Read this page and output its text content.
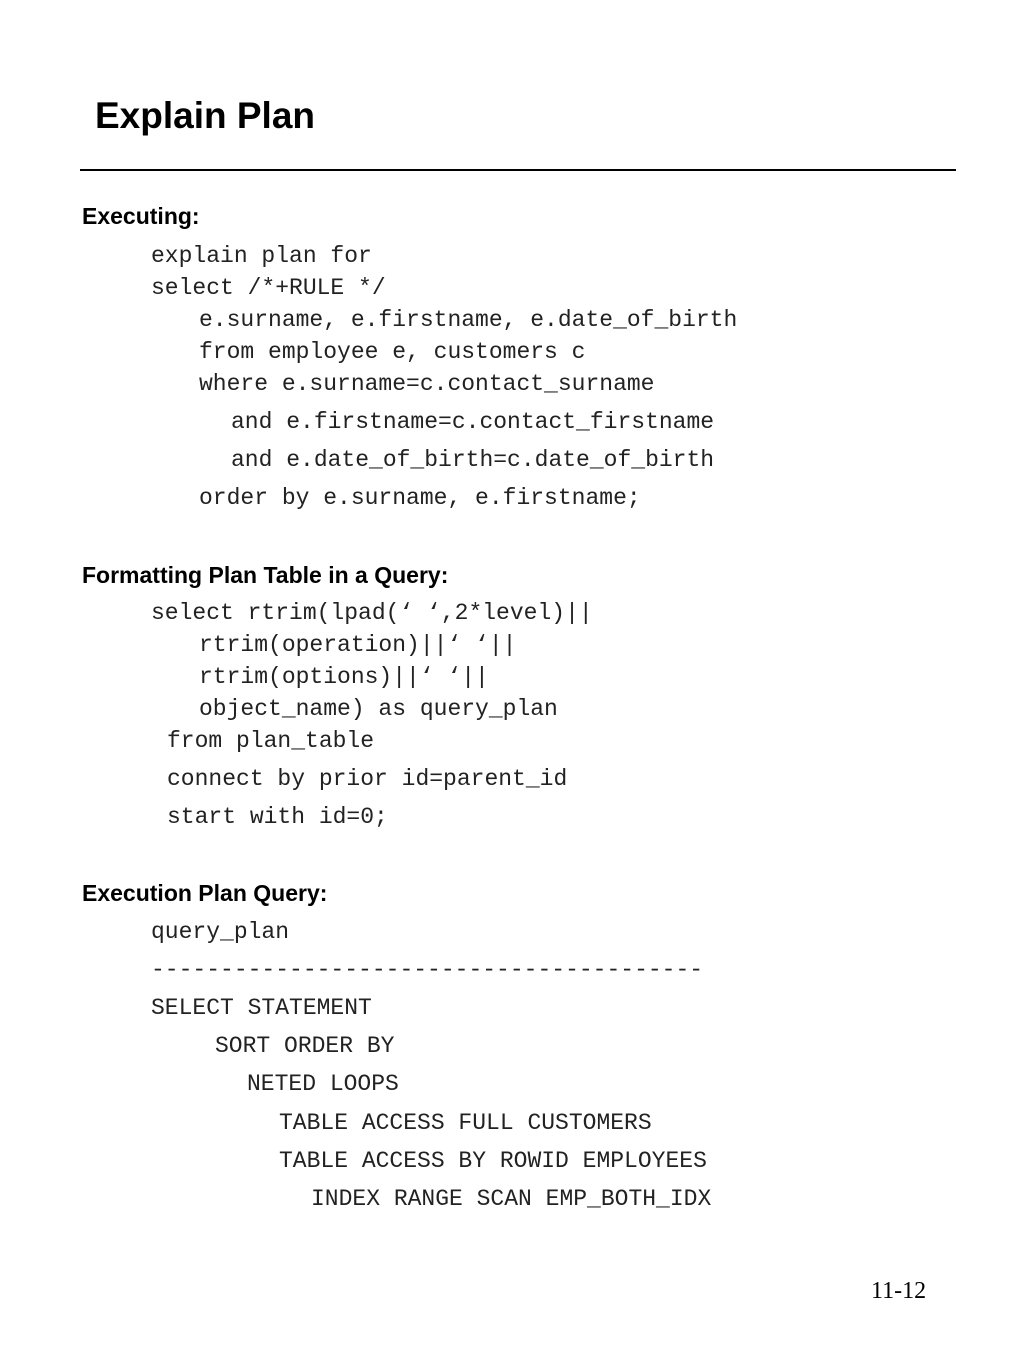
Explain Plan
Executing:
explain plan for
select /*+RULE */
e.surname, e.firstname, e.date_of_birth
from employee e, customers c
where e.surname=c.contact_surname
and e.firstname=c.contact_firstname
and e.date_of_birth=c.date_of_birth
order by e.surname, e.firstname;
Formatting Plan Table in a Query:
select rtrim(lpad(‘ ‘,2*level)||
rtrim(operation)||‘ ‘||
rtrim(options)||‘ ‘||
object_name) as query_plan
from plan_table
connect by prior id=parent_id
start with id=0;
Execution Plan Query:
query_plan
----------------------------------------
SELECT STATEMENT
SORT ORDER BY
NETED LOOPS
TABLE ACCESS FULL CUSTOMERS
TABLE ACCESS BY ROWID EMPLOYEES
INDEX RANGE SCAN EMP_BOTH_IDX
11-12
